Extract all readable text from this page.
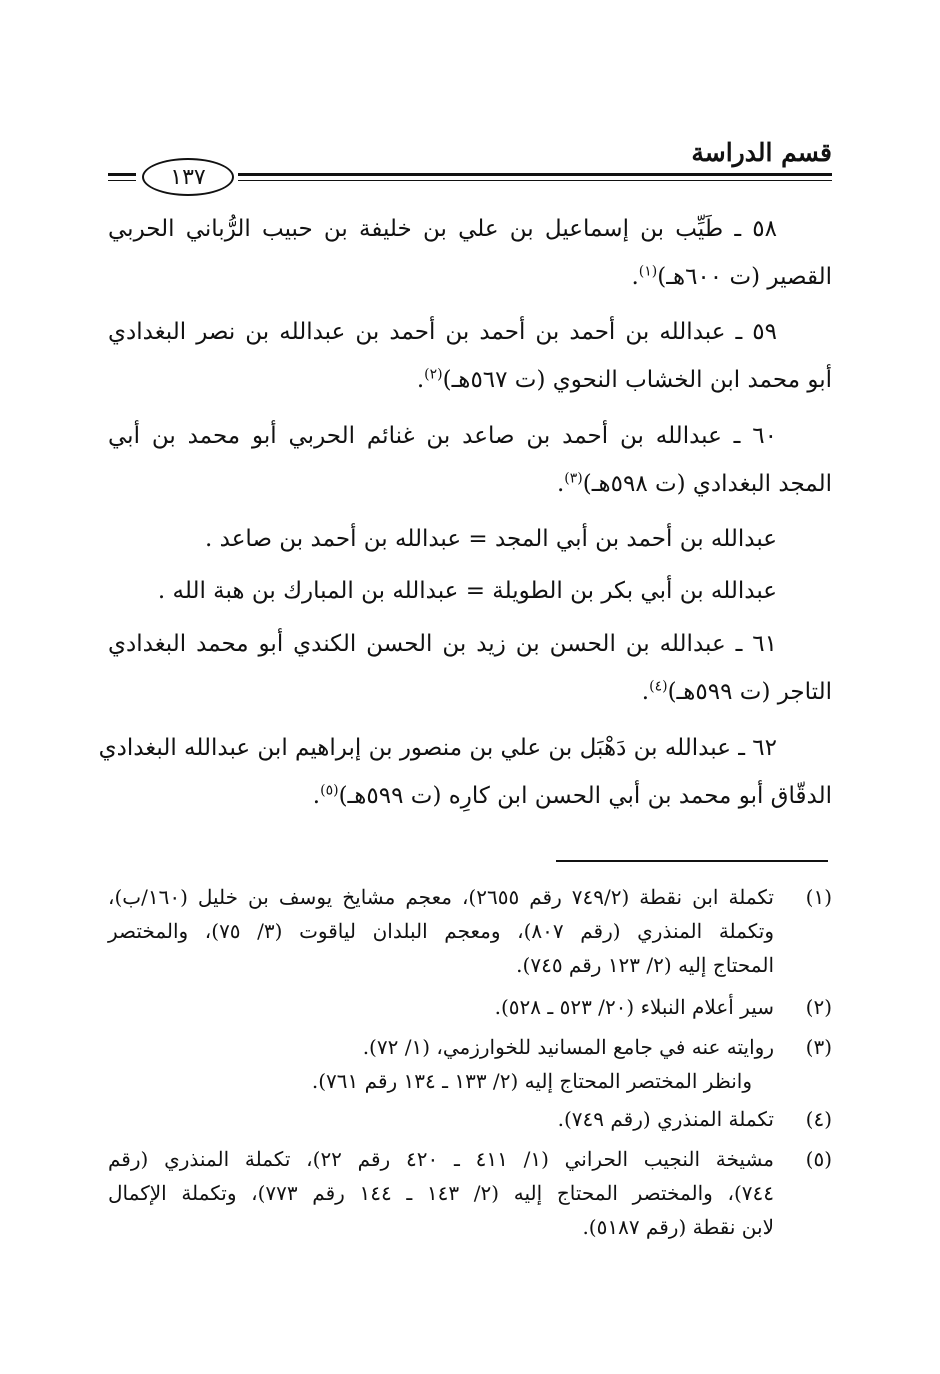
قسم الدراسة
١٣٧
٥٨ ـ طَيِّب بن إسماعيل بن علي بن خليفة بن حبيب الرُّباني الحربي
القصير (ت ٦٠٠هـ)$^{(١)}$.
٥٩ ـ عبدالله بن أحمد بن أحمد بن أحمد بن عبدالله بن نصر البغدادي
أبو محمد ابن الخشاب النحوي (ت ٥٦٧هـ)$^{(٢)}$.
٦٠ ـ عبدالله بن أحمد بن صاعد بن غنائم الحربي أبو محمد بن أبي
المجد البغدادي (ت ٥٩٨هـ)$^{(٣)}$.
عبدالله بن أحمد بن أبي المجد = عبدالله بن أحمد بن صاعد .
عبدالله بن أبي بكر بن الطويلة = عبدالله بن المبارك بن هبة الله .
٦١ ـ عبدالله بن الحسن بن زيد بن الحسن الكندي أبو محمد البغدادي
التاجر (ت ٥٩٩هـ)$^{(٤)}$.
٦٢ ـ عبدالله بن دَهْبَل بن علي بن منصور بن إبراهيم ابن عبدالله البغدادي
الدقّاق أبو محمد بن أبي الحسن ابن كارِه (ت ٥٩٩هـ)$^{(٥)}$.
(١)
تكملة ابن نقطة (٧٤٩/٢ رقم ٢٦٥٥)، معجم مشايخ يوسف بن خليل (١٦٠/ب)،
وتكملة المنذري (رقم ٨٠٧)، ومعجم البلدان لياقوت (٣/ ٧٥)، والمختصر
المحتاج إليه (٢/ ١٢٣ رقم ٧٤٥).
(٢)
سير أعلام النبلاء (٢٠/ ٥٢٣ ـ ٥٢٨).
(٣)
روايته عنه في جامع المسانيد للخوارزمي، (١/ ٧٢).
وانظر المختصر المحتاج إليه (٢/ ١٣٣ ـ ١٣٤ رقم ٧٦١).
(٤)
تكملة المنذري (رقم ٧٤٩).
(٥)
مشيخة النجيب الحراني (١/ ٤١١ ـ ٤٢٠ رقم ٢٢)، تكملة المنذري (رقم
٧٤٤)، والمختصر المحتاج إليه (٢/ ١٤٣ ـ ١٤٤ رقم ٧٧٣)، وتكملة الإكمال
لابن نقطة (رقم ٥١٨٧).
